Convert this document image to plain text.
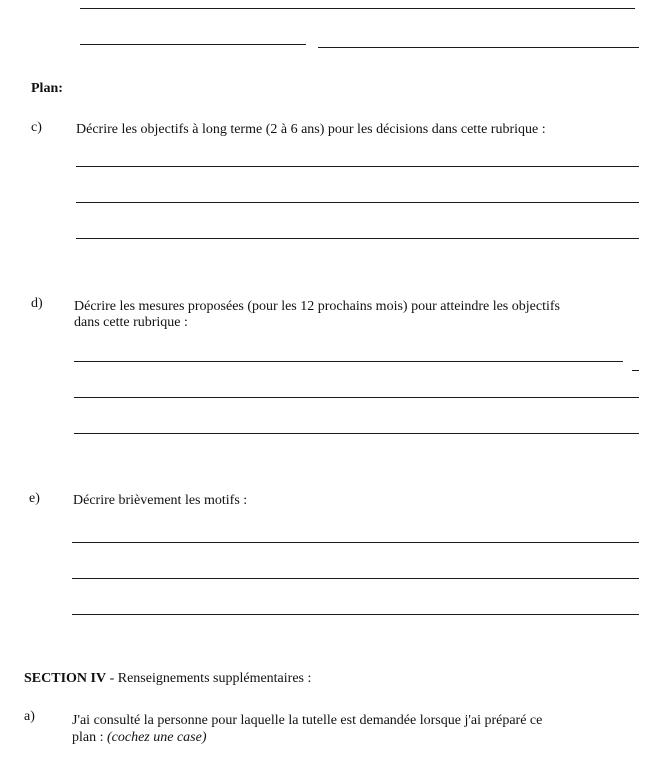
Plan:
c) Décrire les objectifs à long terme (2 à 6 ans) pour les décisions dans cette rubrique :
d) Décrire les mesures proposées (pour les 12 prochains mois) pour atteindre les objectifs
dans cette rubrique :
e) Décrire brièvement les motifs :
SECTION IV - Renseignements supplémentaires :
a)	J'ai consulté la personne pour laquelle la tutelle est demandée lorsque j'ai préparé ce
plan : (cochez une case)
